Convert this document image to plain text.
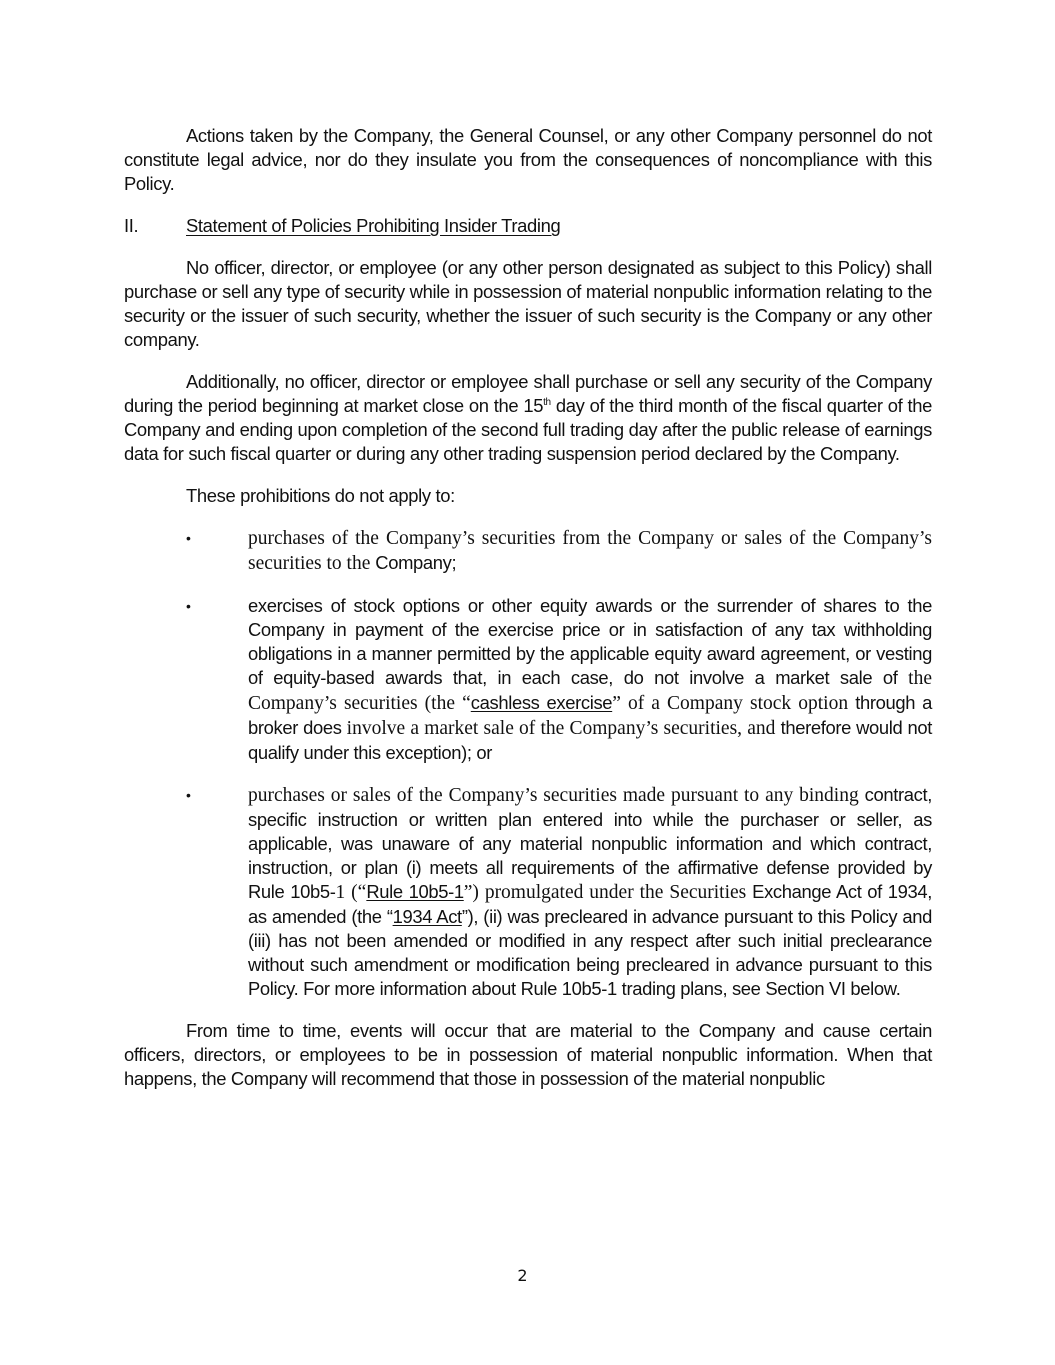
Actions taken by the Company, the General Counsel, or any other Company personnel do not constitute legal advice, nor do they insulate you from the consequences of noncompliance with this Policy.

II.	Statement of Policies Prohibiting Insider Trading

No officer, director, or employee (or any other person designated as subject to this Policy) shall purchase or sell any type of security while in possession of material nonpublic information relating to the security or the issuer of such security, whether the issuer of such security is the Company or any other company.

Additionally, no officer, director or employee shall purchase or sell any security of the Company during the period beginning at market close on the 15th day of the third month of the fiscal quarter of the Company and ending upon completion of the second full trading day after the public release of earnings data for such fiscal quarter or during any other trading suspension period declared by the Company.

These prohibitions do not apply to:

•	purchases of the Company’s securities from the Company or sales of the Company’s securities to the Company;
•	exercises of stock options or other equity awards or the surrender of shares to the Company in payment of the exercise price or in satisfaction of any tax withholding obligations in a manner permitted by the applicable equity award agreement, or vesting of equity-based awards that, in each case, do not involve a market sale of the Company’s securities (the “cashless exercise” of a Company stock option through a broker does involve a market sale of the Company’s securities, and therefore would not qualify under this exception); or
•	purchases or sales of the Company’s securities made pursuant to any binding contract, specific instruction or written plan entered into while the purchaser or seller, as applicable, was unaware of any material nonpublic information and which contract, instruction, or plan (i) meets all requirements of the affirmative defense provided by Rule 10b5-1 (“Rule 10b5-1”) promulgated under the Securities Exchange Act of 1934, as amended (the “1934 Act”), (ii) was precleared in advance pursuant to this Policy and (iii) has not been amended or modified in any respect after such initial preclearance without such amendment or modification being precleared in advance pursuant to this Policy. For more information about Rule 10b5-1 trading plans, see Section VI below.

From time to time, events will occur that are material to the Company and cause certain officers, directors, or employees to be in possession of material nonpublic information. When that happens, the Company will recommend that those in possession of the material nonpublic

2
